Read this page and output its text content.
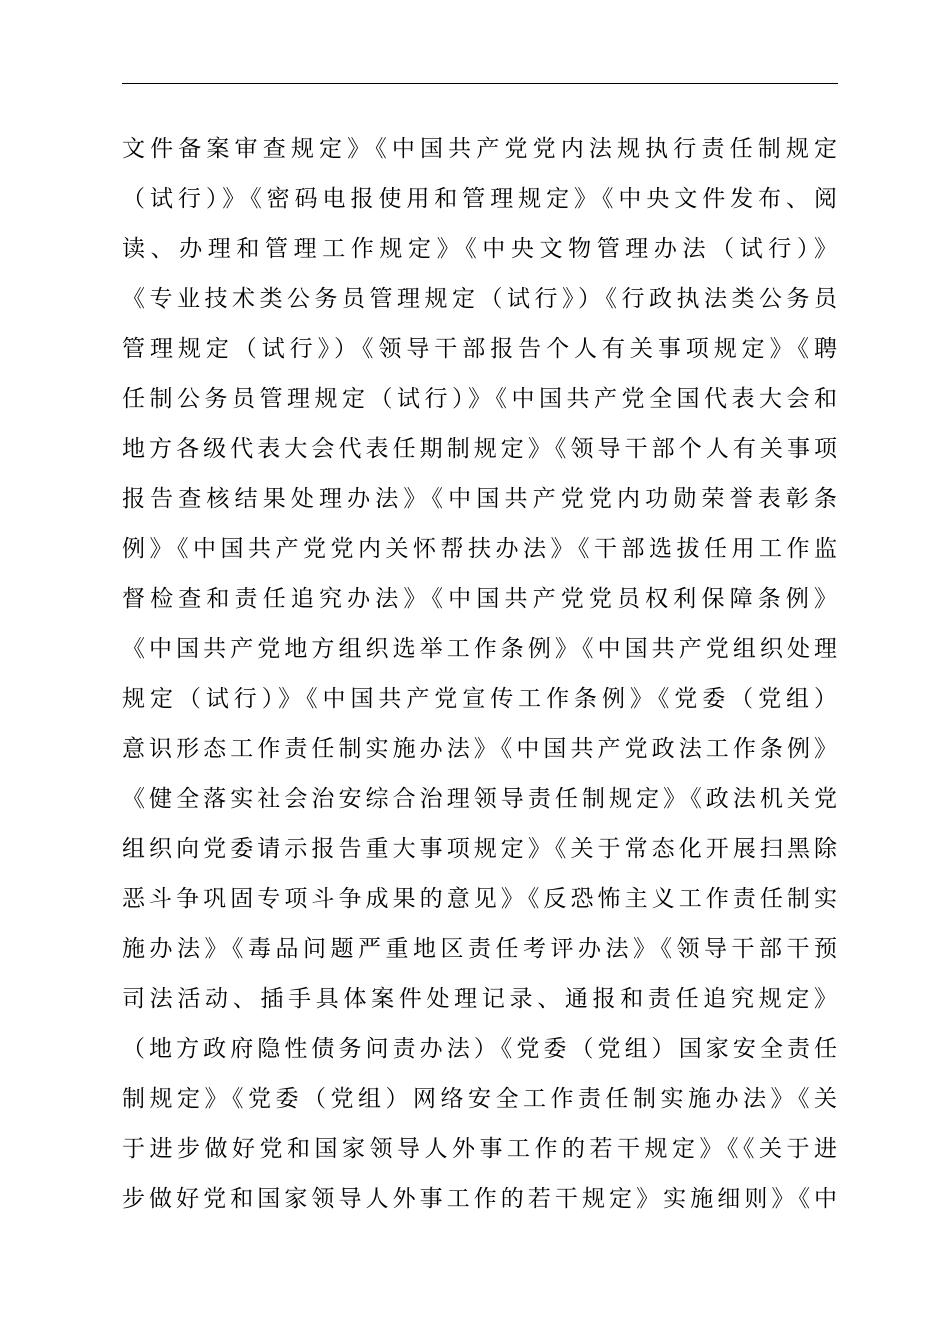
文件备案审查规定》《中国共产党党内法规执行责任制规定
（试行）》《密码电报使用和管理规定》《中央文件发布、阅
读、办理和管理工作规定》《中央文物管理办法（试行）》
《专业技术类公务员管理规定（试行》）《行政执法类公务员
管理规定（试行》）《领导干部报告个人有关事项规定》《聘
任制公务员管理规定（试行）》《中国共产党全国代表大会和
地方各级代表大会代表任期制规定》《领导干部个人有关事项
报告查核结果处理办法》《中国共产党党内功勋荣誉表彰条
例》《中国共产党党内关怀帮扶办法》《干部选拔任用工作监
督检查和责任追究办法》《中国共产党党员权利保障条例》
《中国共产党地方组织选举工作条例》《中国共产党组织处理
规定（试行）》《中国共产党宣传工作条例》《党委（党组）
意识形态工作责任制实施办法》《中国共产党政法工作条例》
《健全落实社会治安综合治理领导责任制规定》《政法机关党
组织向党委请示报告重大事项规定》《关于常态化开展扫黑除
恶斗争巩固专项斗争成果的意见》《反恐怖主义工作责任制实
施办法》《毒品问题严重地区责任考评办法》《领导干部干预
司法活动、插手具体案件处理记录、通报和责任追究规定》
（地方政府隐性债务问责办法）《党委（党组）国家安全责任
制规定》《党委（党组）网络安全工作责任制实施办法》《关
于进步做好党和国家领导人外事工作的若干规定》《《关于进
步做好党和国家领导人外事工作的若干规定》实施细则》《中
